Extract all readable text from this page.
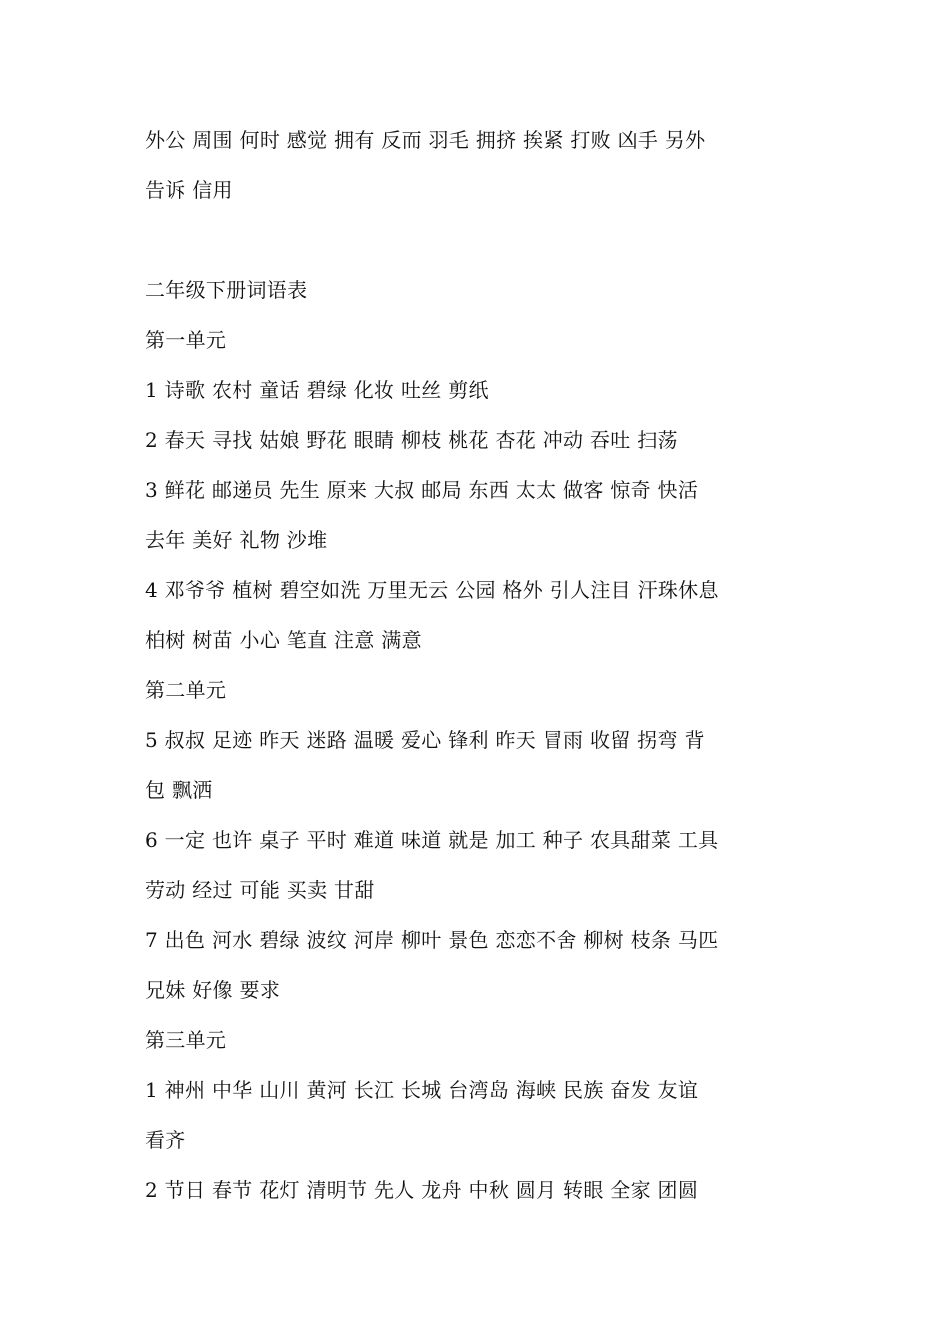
外公 周围 何时 感觉 拥有 反而 羽毛 拥挤 挨紧 打败 凶手 另外
告诉 信用
二年级下册词语表
第一单元
1 诗歌 农村 童话 碧绿 化妆 吐丝 剪纸
2 春天 寻找 姑娘 野花 眼睛 柳枝 桃花 杏花 冲动 吞吐 扫荡
3 鲜花 邮递员 先生 原来 大叔 邮局 东西 太太 做客 惊奇 快活
去年 美好 礼物 沙堆
4 邓爷爷 植树 碧空如洗 万里无云 公园 格外 引人注目 汗珠休息
柏树 树苗 小心 笔直 注意 满意
第二单元
5 叔叔 足迹 昨天 迷路 温暖 爱心 锋利 昨天 冒雨 收留 拐弯 背
包 飘洒
6 一定 也许 桌子 平时 难道 味道 就是 加工 种子 农具甜菜 工具
劳动 经过 可能 买卖 甘甜
7 出色 河水 碧绿 波纹 河岸 柳叶 景色 恋恋不舍 柳树 枝条 马匹
兄妹 好像 要求
第三单元
1 神州 中华 山川 黄河 长江 长城 台湾岛 海峡 民族 奋发 友谊
看齐
2 节日 春节 花灯 清明节 先人 龙舟 中秋 圆月 转眼 全家 团圆
